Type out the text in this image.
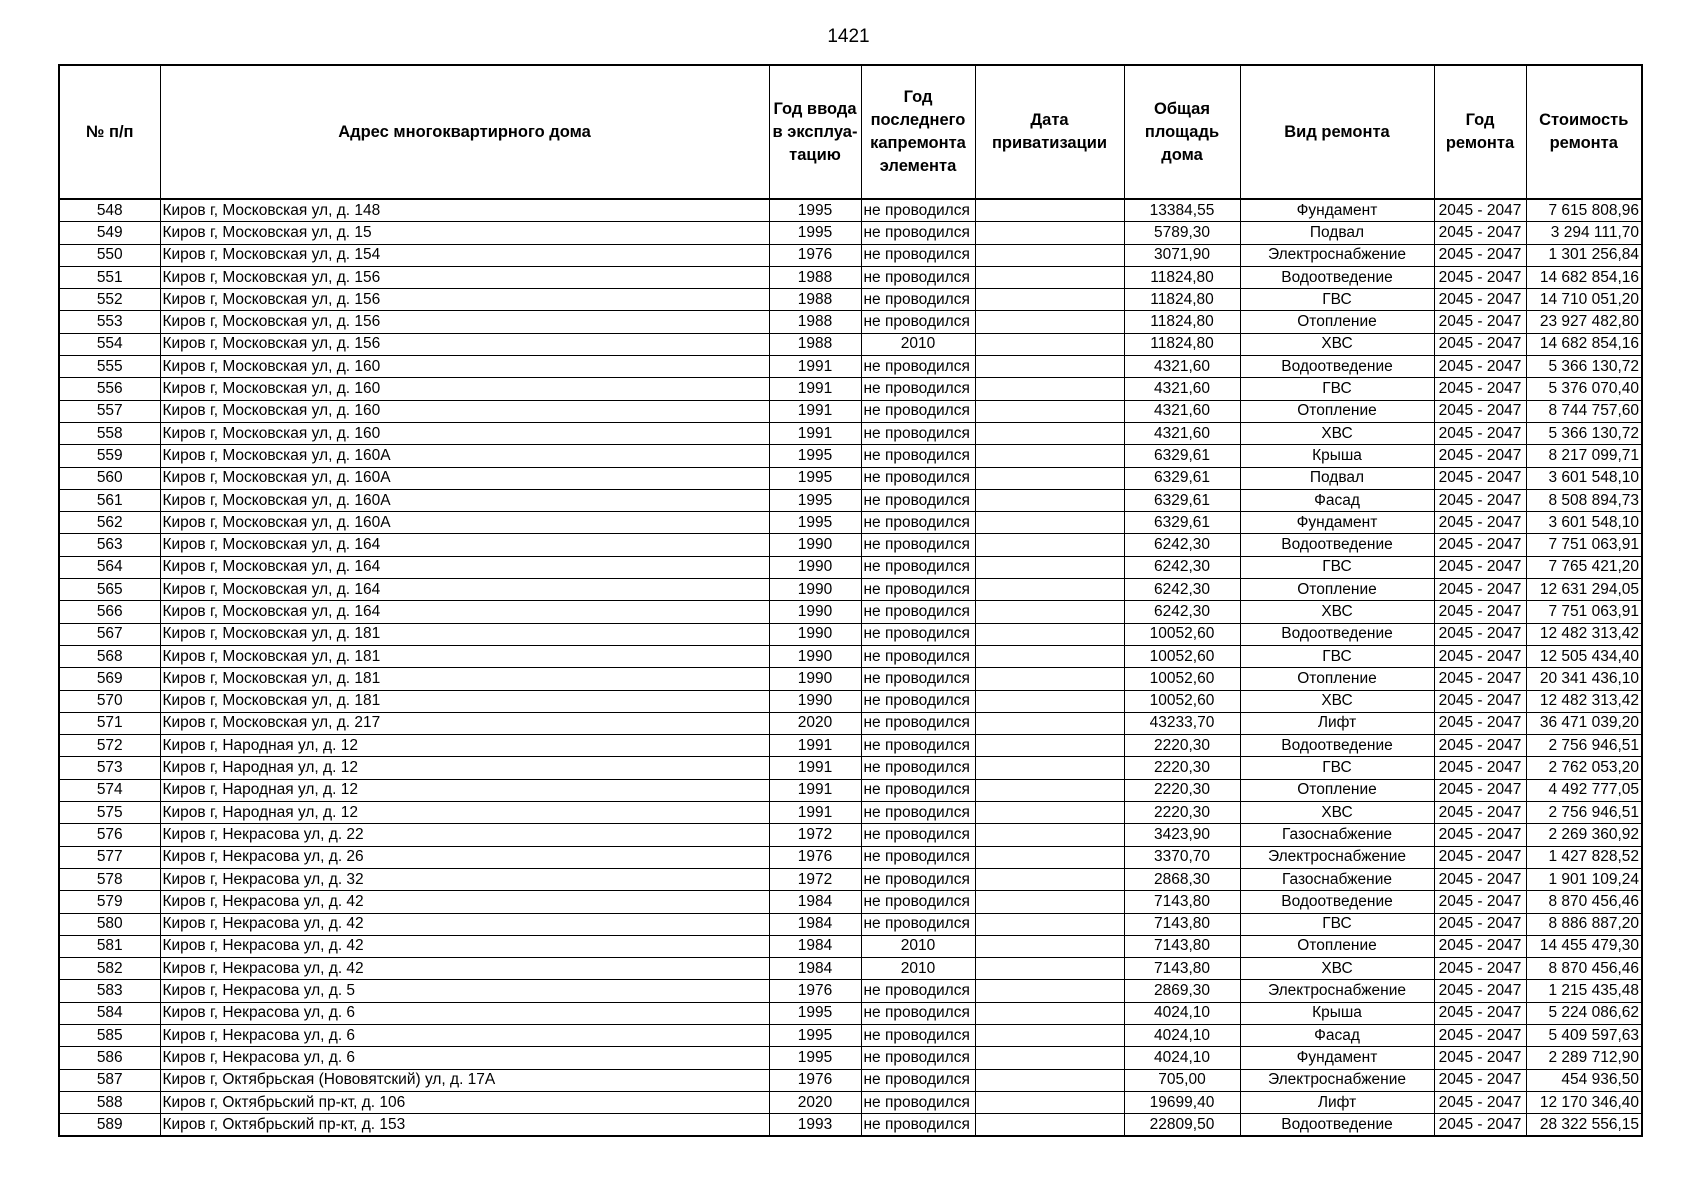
1421
№ п/п	Адрес многоквартирного дома	Год ввода в эксплуа-тацию	Год последнего капремонта элемента	Дата приватизации	Общая площадь дома	Вид ремонта	Год ремонта	Стоимость ремонта
548	Киров г, Московская ул, д. 148	1995	не проводился		13384,55	Фундамент	2045 - 2047	7 615 808,96
549	Киров г, Московская ул, д. 15	1995	не проводился		5789,30	Подвал	2045 - 2047	3 294 111,70
550	Киров г, Московская ул, д. 154	1976	не проводился		3071,90	Электроснабжение	2045 - 2047	1 301 256,84
551	Киров г, Московская ул, д. 156	1988	не проводился		11824,80	Водоотведение	2045 - 2047	14 682 854,16
552	Киров г, Московская ул, д. 156	1988	не проводился		11824,80	ГВС	2045 - 2047	14 710 051,20
553	Киров г, Московская ул, д. 156	1988	не проводился		11824,80	Отопление	2045 - 2047	23 927 482,80
554	Киров г, Московская ул, д. 156	1988	2010		11824,80	ХВС	2045 - 2047	14 682 854,16
555	Киров г, Московская ул, д. 160	1991	не проводился		4321,60	Водоотведение	2045 - 2047	5 366 130,72
556	Киров г, Московская ул, д. 160	1991	не проводился		4321,60	ГВС	2045 - 2047	5 376 070,40
557	Киров г, Московская ул, д. 160	1991	не проводился		4321,60	Отопление	2045 - 2047	8 744 757,60
558	Киров г, Московская ул, д. 160	1991	не проводился		4321,60	ХВС	2045 - 2047	5 366 130,72
559	Киров г, Московская ул, д. 160А	1995	не проводился		6329,61	Крыша	2045 - 2047	8 217 099,71
560	Киров г, Московская ул, д. 160А	1995	не проводился		6329,61	Подвал	2045 - 2047	3 601 548,10
561	Киров г, Московская ул, д. 160А	1995	не проводился		6329,61	Фасад	2045 - 2047	8 508 894,73
562	Киров г, Московская ул, д. 160А	1995	не проводился		6329,61	Фундамент	2045 - 2047	3 601 548,10
563	Киров г, Московская ул, д. 164	1990	не проводился		6242,30	Водоотведение	2045 - 2047	7 751 063,91
564	Киров г, Московская ул, д. 164	1990	не проводился		6242,30	ГВС	2045 - 2047	7 765 421,20
565	Киров г, Московская ул, д. 164	1990	не проводился		6242,30	Отопление	2045 - 2047	12 631 294,05
566	Киров г, Московская ул, д. 164	1990	не проводился		6242,30	ХВС	2045 - 2047	7 751 063,91
567	Киров г, Московская ул, д. 181	1990	не проводился		10052,60	Водоотведение	2045 - 2047	12 482 313,42
568	Киров г, Московская ул, д. 181	1990	не проводился		10052,60	ГВС	2045 - 2047	12 505 434,40
569	Киров г, Московская ул, д. 181	1990	не проводился		10052,60	Отопление	2045 - 2047	20 341 436,10
570	Киров г, Московская ул, д. 181	1990	не проводился		10052,60	ХВС	2045 - 2047	12 482 313,42
571	Киров г, Московская ул, д. 217	2020	не проводился		43233,70	Лифт	2045 - 2047	36 471 039,20
572	Киров г, Народная ул, д. 12	1991	не проводился		2220,30	Водоотведение	2045 - 2047	2 756 946,51
573	Киров г, Народная ул, д. 12	1991	не проводился		2220,30	ГВС	2045 - 2047	2 762 053,20
574	Киров г, Народная ул, д. 12	1991	не проводился		2220,30	Отопление	2045 - 2047	4 492 777,05
575	Киров г, Народная ул, д. 12	1991	не проводился		2220,30	ХВС	2045 - 2047	2 756 946,51
576	Киров г, Некрасова ул, д. 22	1972	не проводился		3423,90	Газоснабжение	2045 - 2047	2 269 360,92
577	Киров г, Некрасова ул, д. 26	1976	не проводился		3370,70	Электроснабжение	2045 - 2047	1 427 828,52
578	Киров г, Некрасова ул, д. 32	1972	не проводился		2868,30	Газоснабжение	2045 - 2047	1 901 109,24
579	Киров г, Некрасова ул, д. 42	1984	не проводился		7143,80	Водоотведение	2045 - 2047	8 870 456,46
580	Киров г, Некрасова ул, д. 42	1984	не проводился		7143,80	ГВС	2045 - 2047	8 886 887,20
581	Киров г, Некрасова ул, д. 42	1984	2010		7143,80	Отопление	2045 - 2047	14 455 479,30
582	Киров г, Некрасова ул, д. 42	1984	2010		7143,80	ХВС	2045 - 2047	8 870 456,46
583	Киров г, Некрасова ул, д. 5	1976	не проводился		2869,30	Электроснабжение	2045 - 2047	1 215 435,48
584	Киров г, Некрасова ул, д. 6	1995	не проводился		4024,10	Крыша	2045 - 2047	5 224 086,62
585	Киров г, Некрасова ул, д. 6	1995	не проводился		4024,10	Фасад	2045 - 2047	5 409 597,63
586	Киров г, Некрасова ул, д. 6	1995	не проводился		4024,10	Фундамент	2045 - 2047	2 289 712,90
587	Киров г, Октябрьская (Нововятский) ул, д. 17А	1976	не проводился		705,00	Электроснабжение	2045 - 2047	454 936,50
588	Киров г, Октябрьский пр-кт, д. 106	2020	не проводился		19699,40	Лифт	2045 - 2047	12 170 346,40
589	Киров г, Октябрьский пр-кт, д. 153	1993	не проводился		22809,50	Водоотведение	2045 - 2047	28 322 556,15
